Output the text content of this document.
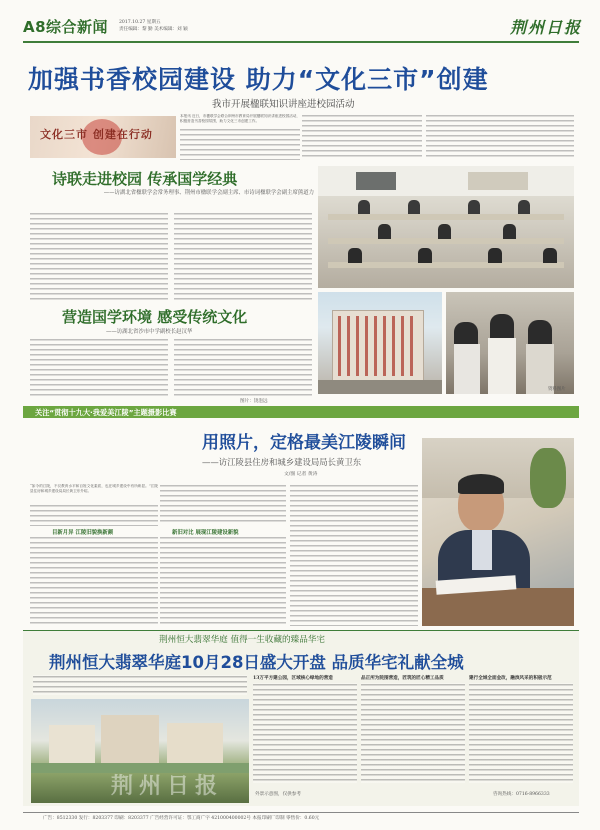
A8综合新闻 2017.10.27 星期五
责任编辑：黎 勤 美术编辑：刘 颖	荆州日报
加强书香校园建设 助力“文化三市”创建
我市开展楹联知识讲座进校园活动
文化三市 创建在行动
本报讯 近日，市楹联学会联合荆州市教育局开展楹联知识讲座进校园活动，积极营造书香校园氛围，助力文化三市创建工作。
诗联走进校园 传承国学经典
——访湖北省楹联学会常务理事、荆州市楹联学会副主席、市诗词楹联学会副主席熊道力
营造国学环境 感受传统文化
——访湖北省沙市中学副校长赵汉华
图片：饶泡远
资料图片
关注“贯彻十九大·我爱美江陵”主题摄影比赛
用照片，定格最美江陵瞬间
——访江陵县住房和城乡建设局局长黄卫东
文/图 记者 黄涛
“如今的江陵，不仅教育水平和百姓文化素质，也在城乡建设中有所彰显。”江陵县住房和城乡建设局局长黄卫东介绍。
目新月异 江陵旧貌换新颜	新旧对比 展现江陵建设新貌
荆州恒大翡翠华庭 值得一生收藏的臻品华宅
荆州恒大翡翠华庭10月28日盛大开盘 品质华宅礼献全城
荆州日报
13万平方建公园，区域核心绿地的营造	品正所为院围营造，匠筑的匠心精工品质	建行全城全面金改，融滨风采的积极示范
外景示意图，仅供参考	咨询热线：0716-8966333
广告：8512330 发行：8203377 印刷：8203377 广告经营许可证：鄂工商广字 421000400002号 本报印刷厂印制 零售价：0.60元
